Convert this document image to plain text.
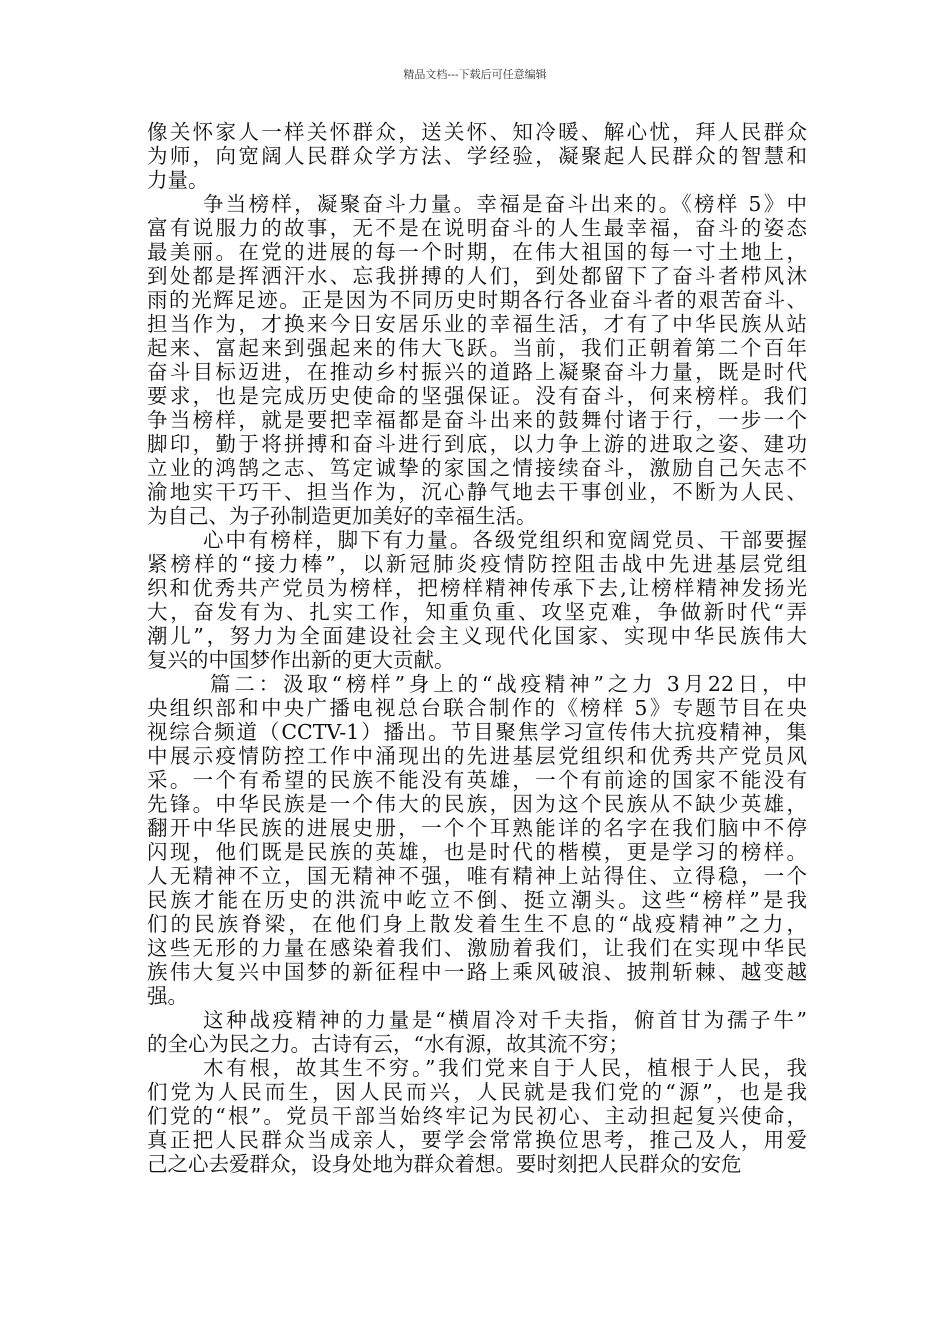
精品文档---下载后可任意编辑
像关怀家人一样关怀群众，送关怀、知冷暖、解心忧，拜人民群众
为师，向宽阔人民群众学方法、学经验，凝聚起人民群众的智慧和
力量。
争当榜样，凝聚奋斗力量。幸福是奋斗出来的。《榜样 5》中
富有说服力的故事，无不是在说明奋斗的人生最幸福，奋斗的姿态
最美丽。在党的进展的每一个时期，在伟大祖国的每一寸土地上，
到处都是挥洒汗水、忘我拼搏的人们，到处都留下了奋斗者栉风沐
雨的光辉足迹。正是因为不同历史时期各行各业奋斗者的艰苦奋斗、
担当作为，才换来今日安居乐业的幸福生活，才有了中华民族从站
起来、富起来到强起来的伟大飞跃。当前，我们正朝着第二个百年
奋斗目标迈进，在推动乡村振兴的道路上凝聚奋斗力量，既是时代
要求，也是完成历史使命的坚强保证。没有奋斗，何来榜样。我们
争当榜样，就是要把幸福都是奋斗出来的鼓舞付诸于行，一步一个
脚印，勤于将拼搏和奋斗进行到底，以力争上游的进取之姿、建功
立业的鸿鹄之志、笃定诚挚的家国之情接续奋斗，激励自己矢志不
渝地实干巧干、担当作为，沉心静气地去干事创业，不断为人民、
为自己、为子孙制造更加美好的幸福生活。
心中有榜样，脚下有力量。各级党组织和宽阔党员、干部要握
紧榜样的“接力棒”，以新冠肺炎疫情防控阻击战中先进基层党组
织和优秀共产党员为榜样，把榜样精神传承下去,让榜样精神发扬光
大，奋发有为、扎实工作，知重负重、攻坚克难，争做新时代“弄
潮儿”，努力为全面建设社会主义现代化国家、实现中华民族伟大
复兴的中国梦作出新的更大贡献。
篇二：汲取“榜样”身上的“战疫精神”之力 3月22日，中
央组织部和中央广播电视总台联合制作的《榜样 5》专题节目在央
视综合频道（CCTV-1）播出。节目聚焦学习宣传伟大抗疫精神，集
中展示疫情防控工作中涌现出的先进基层党组织和优秀共产党员风
采。一个有希望的民族不能没有英雄，一个有前途的国家不能没有
先锋。中华民族是一个伟大的民族，因为这个民族从不缺少英雄，
翻开中华民族的进展史册，一个个耳熟能详的名字在我们脑中不停
闪现，他们既是民族的英雄，也是时代的楷模，更是学习的榜样。
人无精神不立，国无精神不强，唯有精神上站得住、立得稳，一个
民族才能在历史的洪流中屹立不倒、挺立潮头。这些“榜样”是我
们的民族脊梁，在他们身上散发着生生不息的“战疫精神”之力，
这些无形的力量在感染着我们、激励着我们，让我们在实现中华民
族伟大复兴中国梦的新征程中一路上乘风破浪、披荆斩棘、越变越
强。
这种战疫精神的力量是“横眉冷对千夫指，俯首甘为孺子牛”
的全心为民之力。古诗有云，“水有源，故其流不穷；
木有根，故其生不穷。”我们党来自于人民，植根于人民，我
们党为人民而生，因人民而兴，人民就是我们党的“源”，也是我
们党的“根”。党员干部当始终牢记为民初心、主动担起复兴使命，
真正把人民群众当成亲人，要学会常常换位思考，推己及人，用爱
己之心去爱群众，设身处地为群众着想。要时刻把人民群众的安危
